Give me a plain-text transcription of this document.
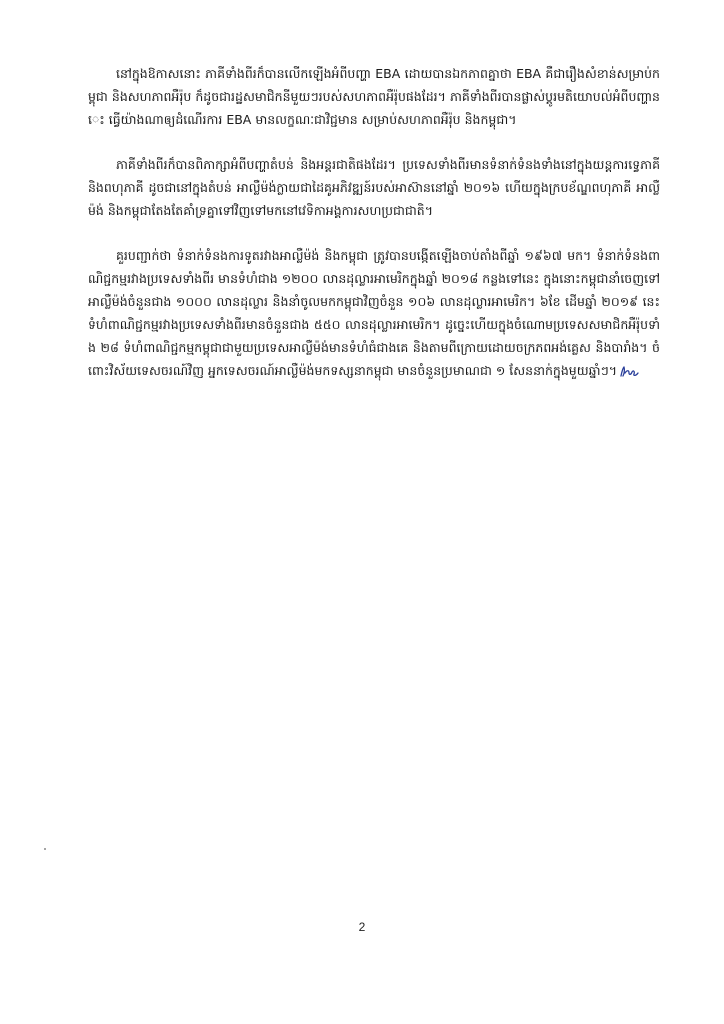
នៅក្នុងឱកាសនោះ ភាគីទាំងពីរក៏បានលើកឡើងអំពីបញ្ហា EBA ដោយបានឯកភាពគ្នាថា EBA គឺជារឿងសំខាន់សម្រាប់កម្ពុជា និងសហភាពអឺរ៉ុប ក៏ដូចជារដ្ឋសមាជិកនីមួយៗរបស់សហភាពអឺរ៉ុបផងដែរ។ ភាគីទាំងពីរបានផ្លាស់ប្តូរមតិយោបល់អំពីបញ្ហានេះ ធ្វើយ៉ាងណាឲ្យដំណើរការ EBA មានលក្ខណៈជាវិជ្ជមាន សម្រាប់សហភាពអឺរ៉ុប និងកម្ពុជា។

ភាគីទាំងពីរក៏បានពិភាក្សាអំពីបញ្ហាតំបន់ និងអន្តរជាតិផងដែរ។ ប្រទេសទាំងពីរមានទំនាក់ទំនងទាំងនៅក្នុងយន្តការទ្វេភាគី និងពហុភាគី ដូចជានៅក្នុងតំបន់ អាល្លឺម៉ង់ក្លាយជាដៃគូអភិវឌ្ឍន៍របស់អាស៊ាននៅឆ្នាំ ២០១៦ ហើយក្នុងក្របខ័ណ្ឌពហុភាគី អាល្លឺម៉ង់ និងកម្ពុជាតែងតែគាំទ្រគ្នាទៅវិញទៅមកនៅវេទិកាអង្គការសហប្រជាជាតិ។

គួរបញ្ជាក់ថា ទំនាក់ទំនងការទូតរវាងអាល្លឺម៉ង់ និងកម្ពុជា ត្រូវបានបង្កើតឡើងចាប់តាំងពីឆ្នាំ ១៩៦៧ មក។ ទំនាក់ទំនងពាណិជ្ជកម្មរវាងប្រទេសទាំងពីរ មានទំហំជាង ១២០០ លានដុល្លារអាមេរិកក្នុងឆ្នាំ ២០១៨ កន្លងទៅនេះ ក្នុងនោះកម្ពុជានាំចេញទៅអាល្លឺម៉ង់ចំនួនជាង ១០០០ លានដុល្លារ និងនាំចូលមកកម្ពុជាវិញចំនួន ១០៦ លានដុល្លារអាមេរិក។ ៦ខែ ដើមឆ្នាំ ២០១៩ នេះ ទំហំពាណិជ្ជកម្មរវាងប្រទេសទាំងពីរមានចំនួនជាង ៥៥០ លានដុល្លារអាមេរិក។ ដូច្នេះហើយក្នុងចំណោមប្រទេសសមាជិកអឺរ៉ុបទាំង ២៨ ទំហំពាណិជ្ជកម្មកម្ពុជាជាមួយប្រទេសអាល្លឺម៉ង់មានទំហំធំជាងគេ និងតាមពីក្រោយដោយចក្រភពអង់គ្លេស និងបារាំង។ ចំពោះវិស័យទេសចរណ៍វិញ អ្នកទេសចរណ៍អាល្លឺម៉ង់មកទស្សនាកម្ពុជា មានចំនួនប្រមាណជា ១ សែននាក់ក្នុងមួយឆ្នាំៗ។

2
